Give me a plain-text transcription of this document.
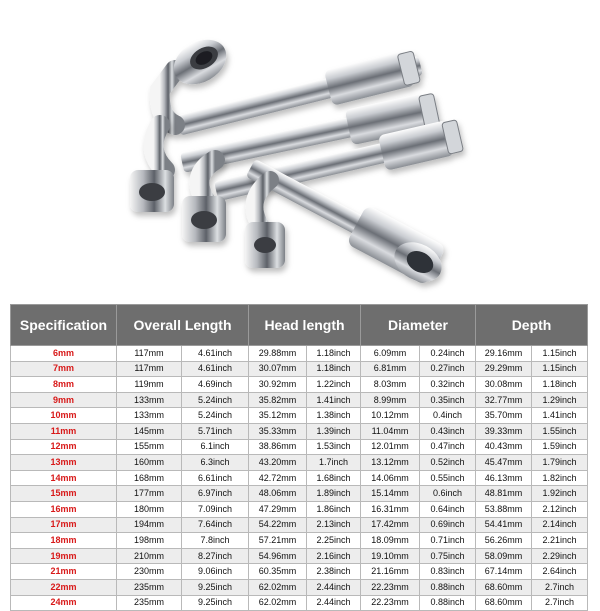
Specification	Overall Length		Head length		Diameter		Depth	
6mm	117mm	4.61inch	29.88mm	1.18inch	6.09mm	0.24inch	29.16mm	1.15inch
7mm	117mm	4.61inch	30.07mm	1.18inch	6.81mm	0.27inch	29.29mm	1.15inch
8mm	119mm	4.69inch	30.92mm	1.22inch	8.03mm	0.32inch	30.08mm	1.18inch
9mm	133mm	5.24inch	35.82mm	1.41inch	8.99mm	0.35inch	32.77mm	1.29inch
10mm	133mm	5.24inch	35.12mm	1.38inch	10.12mm	0.4inch	35.70mm	1.41inch
11mm	145mm	5.71inch	35.33mm	1.39inch	11.04mm	0.43inch	39.33mm	1.55inch
12mm	155mm	6.1inch	38.86mm	1.53inch	12.01mm	0.47inch	40.43mm	1.59inch
13mm	160mm	6.3inch	43.20mm	1.7inch	13.12mm	0.52inch	45.47mm	1.79inch
14mm	168mm	6.61inch	42.72mm	1.68inch	14.06mm	0.55inch	46.13mm	1.82inch
15mm	177mm	6.97inch	48.06mm	1.89inch	15.14mm	0.6inch	48.81mm	1.92inch
16mm	180mm	7.09inch	47.29mm	1.86inch	16.31mm	0.64inch	53.88mm	2.12inch
17mm	194mm	7.64inch	54.22mm	2.13inch	17.42mm	0.69inch	54.41mm	2.14inch
18mm	198mm	7.8inch	57.21mm	2.25inch	18.09mm	0.71inch	56.26mm	2.21inch
19mm	210mm	8.27inch	54.96mm	2.16inch	19.10mm	0.75inch	58.09mm	2.29inch
21mm	230mm	9.06inch	60.35mm	2.38inch	21.16mm	0.83inch	67.14mm	2.64inch
22mm	235mm	9.25inch	62.02mm	2.44inch	22.23mm	0.88inch	68.60mm	2.7inch
24mm	235mm	9.25inch	62.02mm	2.44inch	22.23mm	0.88inch	68.60mm	2.7inch
